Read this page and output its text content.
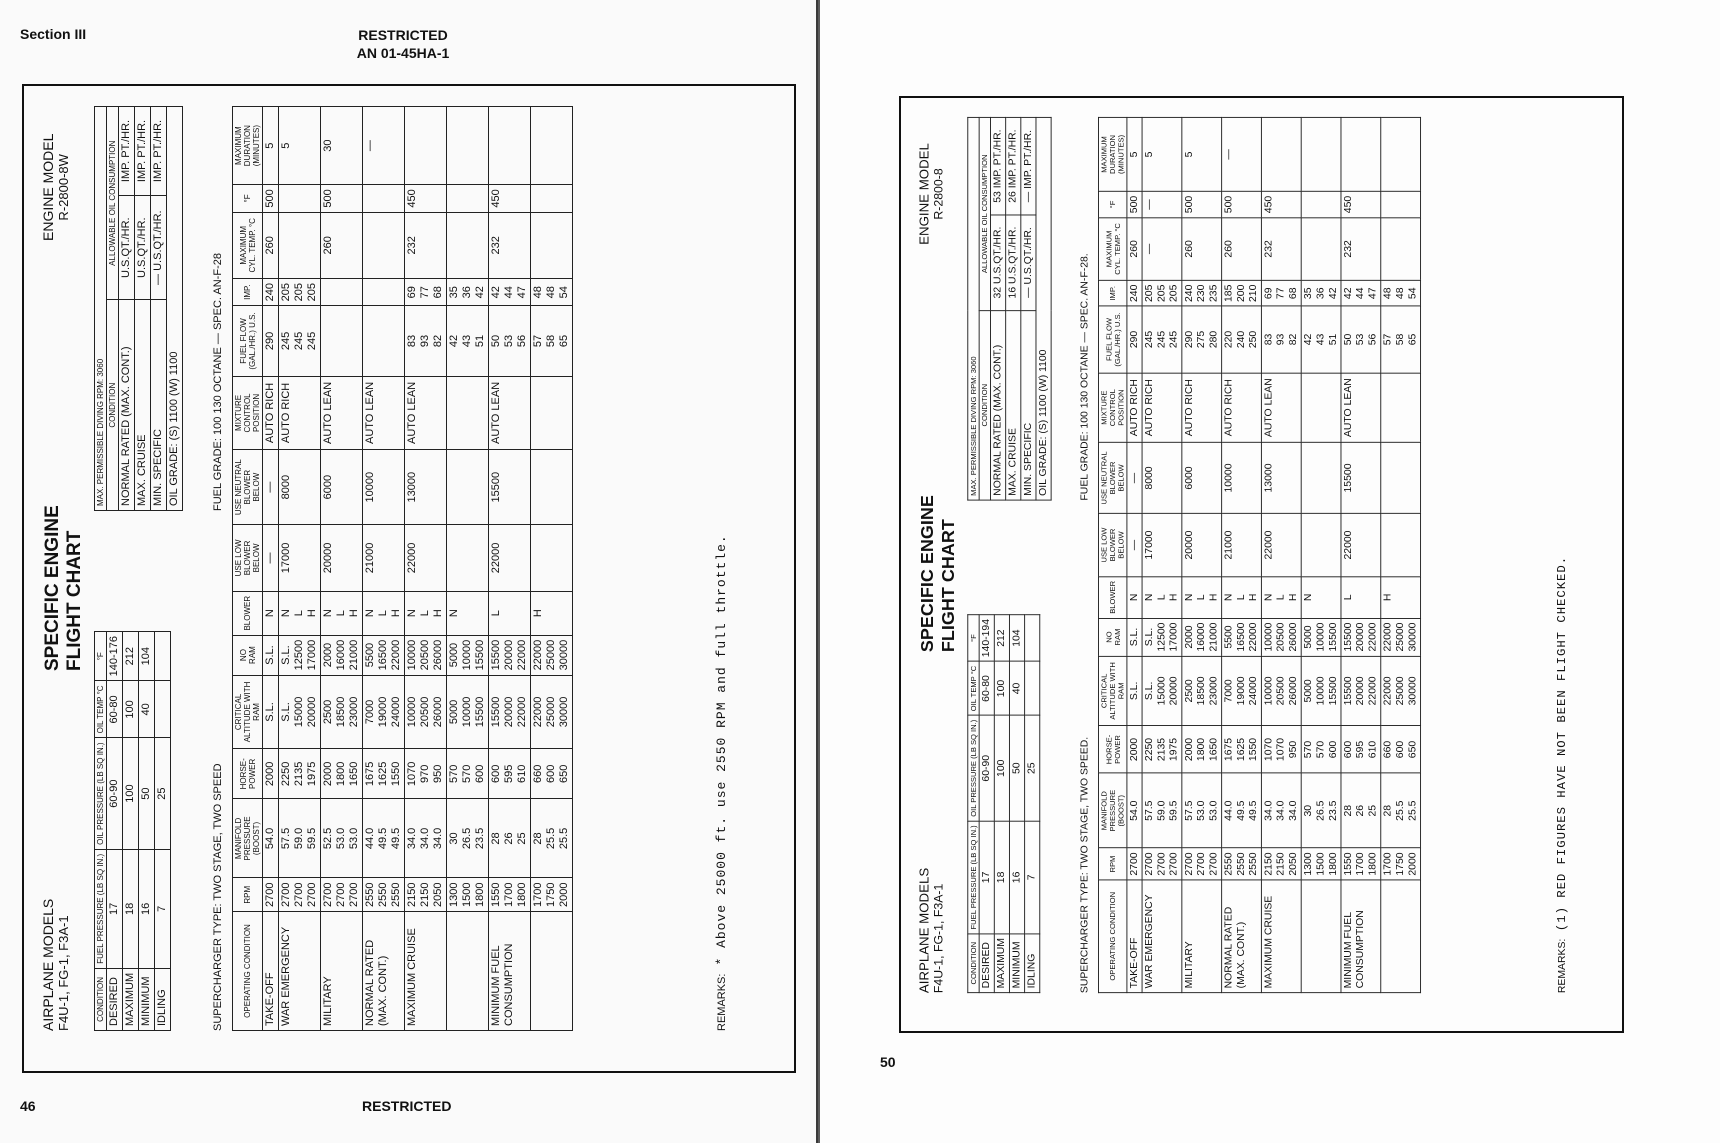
Section III	RESTRICTED
AN 01-45HA-1
AIRPLANE MODELS F4U-1, FG-1, F3A-1
SPECIFIC ENGINE FLIGHT CHART
ENGINE MODEL R-2800-8W
CONDITION	FUEL PRESSURE (LB SQ IN.)	OIL PRESSURE (LB SQ IN.)	OIL TEMP °C	°F
DESIRED	17	60-90	60-80	140-176
MAXIMUM	18	100	100	212
MINIMUM	16	50	40	104
IDLING	7	25			SUPERCHARGER TYPE: TWO STAGE, TWO SPEED
MAX. PERMISSIBLE DIVING RPM: 3060		
CONDITION	ALLOWABLE OIL CONSUMPTION	
NORMAL RATED (MAX. CONT.)	U.S.QT./HR.	IMP. PT./HR.
MAX. CRUISE	U.S.QT./HR.	IMP. PT./HR.
MIN. SPECIFIC	— U.S.QT./HR.	IMP. PT./HR.
OIL GRADE: (S) 1100 (W) 1100			FUEL GRADE: 100 130 OCTANE — SPEC. AN-F-28
OPERATING CONDITION	RPM	MANIFOLD PRESSURE (BOOST)	HORSE-POWER	CRITICAL ALTITUDE WITH RAM	NO RAM	BLOWER	USE LOW BLOWER BELOW	USE NEUTRAL BLOWER BELOW	MIXTURE CONTROL POSITION	FUEL FLOW (GAL./HR.) U.S.	IMP.	MAXIMUM CYL. TEMP. °C	°F	MAXIMUM DURATION (MINUTES)

TAKE-OFF	2700	54.0	2000	S.L.	S.L.	N	—	—	AUTO RICH	290	240	260	500	5

WAR EMERGENCY	2700 2700 2700	57.5 59.0 59.5	2250 2135 1975	S.L. 15000 20000	S.L. 12500 17000	N L H	17000	8000	AUTO RICH	245 245 245	205 205 205			5

MILITARY	2700 2700 2700	52.5 53.0 53.0	2000 1800 1650	2500 18500 23000	2000 16000 21000	N L H	20000	6000	AUTO LEAN			260	500	30

NORMAL RATED (MAX. CONT.)	2550 2550 2550	44.0 49.5 49.5	1675 1625 1550	7000 19000 24000	5500 16500 22000	N L H	21000	10000	AUTO LEAN					—

MAXIMUM CRUISE	2150 2150 2050	34.0 34.0 34.0	1070 970 950	10000 20500 26000	10000 20500 26000	N L H	22000	13000	AUTO LEAN	83 93 82	69 77 68	232	450	

	1300 1500 1800	30 26.5 23.5	570 570 600	5000 10000 15500	5000 10000 15500	N				42 43 51	35 36 42			

MINIMUM FUEL CONSUMPTION	1550 1700 1800	28 26 25	600 595 610	15500 20000 22000	15500 20000 22000	L	22000	15500	AUTO LEAN	50 53 56	42 44 47	232	450	

	1700 1750 2000	28 25.5 25.5	660 600 650	22000 25000 30000	22000 25000 30000	H				57 58 65	48 48 54			

REMARKS:* Above 25000 ft. use 2550 RPM and full throttle.
46	RESTRICTED
AIRPLANE MODELS F4U-1, FG-1, F3A-1
SPECIFIC ENGINE FLIGHT CHART
ENGINE MODEL R-2800-8
CONDITION	FUEL PRESSURE (LB SQ IN.)	OIL PRESSURE (LB SQ IN.)	OIL TEMP °C	°F
DESIRED	17	60-90	60-80	140-194
MAXIMUM	18	100	100	212
MINIMUM	16	50	40	104
IDLING	7	25			SUPERCHARGER TYPE: TWO STAGE, TWO SPEED.
MAX. PERMISSIBLE DIVING RPM: 3060		
CONDITION	ALLOWABLE OIL CONSUMPTION	
NORMAL RATED (MAX. CONT.)	32 U.S.QT./HR.	53 IMP. PT./HR.
MAX. CRUISE	16 U.S.QT./HR.	26 IMP. PT./HR.
MIN. SPECIFIC	— U.S.QT./HR.	— IMP. PT./HR.
OIL GRADE: (S) 1100 (W) 1100			FUEL GRADE: 100 130 OCTANE — SPEC. AN-F-28.
OPERATING CONDITION	RPM	MANIFOLD PRESSURE (BOOST)	HORSE-POWER	CRITICAL ALTITUDE WITH RAM	NO RAM	BLOWER	USE LOW BLOWER BELOW	USE NEUTRAL BLOWER BELOW	MIXTURE CONTROL POSITION	FUEL FLOW (GAL./HR.) U.S.	IMP.	MAXIMUM CYL. TEMP. °C	°F	MAXIMUM DURATION (MINUTES)

TAKE-OFF	2700	54.0	2000	S.L.	S.L.	N	—	—	AUTO RICH	290	240	260	500	5

WAR EMERGENCY	2700 2700 2700	57.5 59.0 59.5	2250 2135 1975	S.L. 15000 20000	S.L. 12500 17000	N L H	17000	8000	AUTO RICH	245 245 245	205 205 205	—	—	5

MILITARY	2700 2700 2700	57.5 53.0 53.0	2000 1800 1650	2500 18500 23000	2000 16000 21000	N L H	20000	6000	AUTO RICH	290 275 280	240 230 235	260	500	5

NORMAL RATED (MAX. CONT.)	2550 2550 2550	44.0 49.5 49.5	1675 1625 1550	7000 19000 24000	5500 16500 22000	N L H	21000	10000	AUTO RICH	220 240 250	185 200 210	260	500	—

MAXIMUM CRUISE	2150 2150 2050	34.0 34.0 34.0	1070 1070 950	10000 20500 26000	10000 20500 26000	N L H	22000	13000	AUTO LEAN	83 93 82	69 77 68	232	450	

	1300 1500 1800	30 26.5 23.5	570 570 600	5000 10000 15500	5000 10000 15500	N				42 43 51	35 36 42			

MINIMUM FUEL CONSUMPTION	1550 1700 1800	28 26 25	600 595 610	15500 20000 22000	15500 20000 22000	L	22000	15500	AUTO LEAN	50 53 56	42 44 47	232	450	

	1700 1750 2000	28 25.5 25.5	660 600 650	22000 25000 30000	22000 25000 30000	H				57 58 65	48 48 54			

REMARKS:(1) RED FIGURES HAVE NOT BEEN FLIGHT CHECKED.
50
